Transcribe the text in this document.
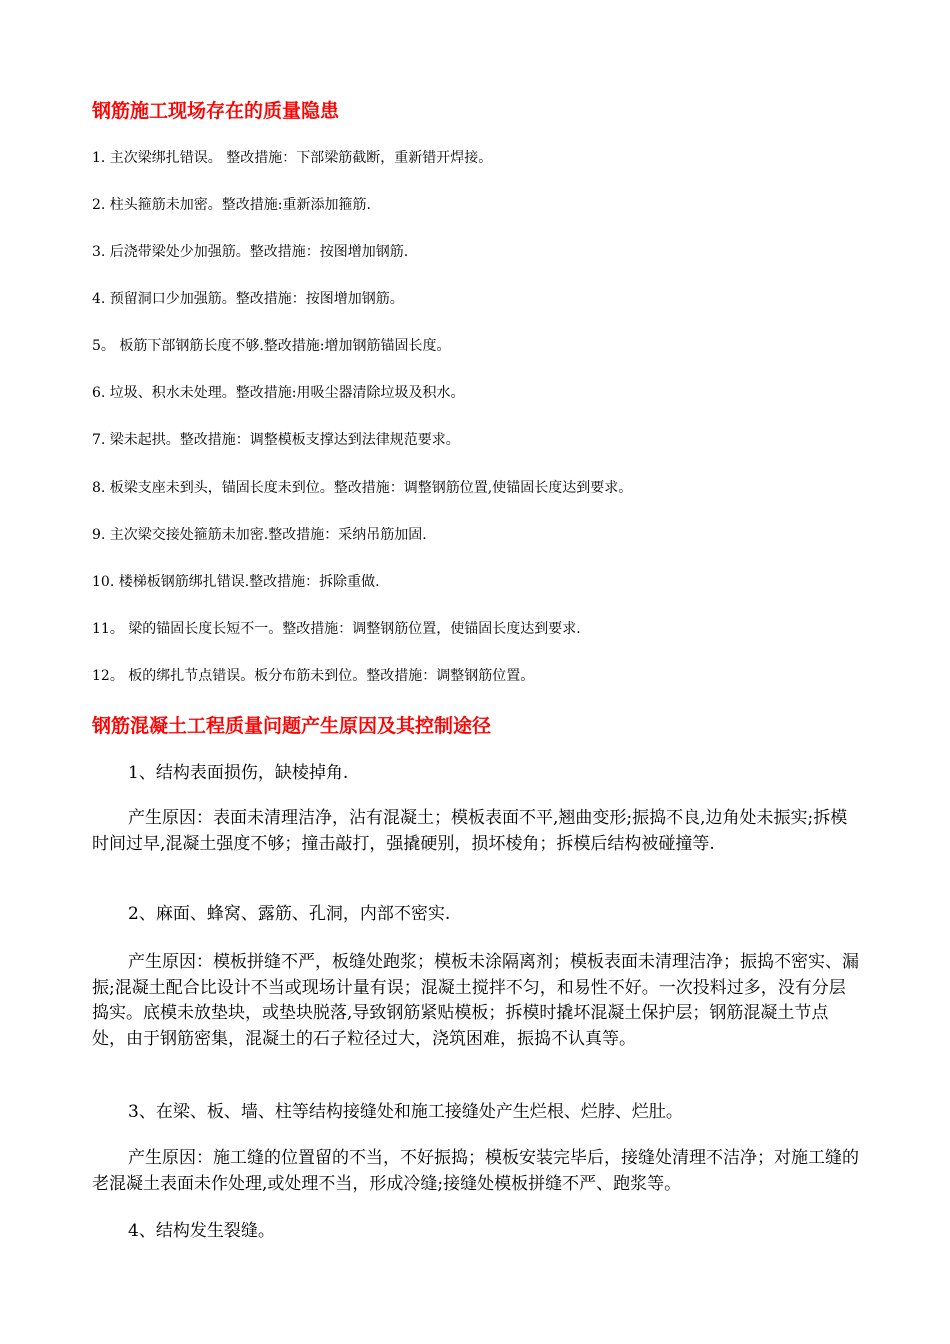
钢筋施工现场存在的质量隐患
1. 主次梁绑扎错误。 整改措施：下部梁筋截断，重新错开焊接。
2. 柱头箍筋未加密。整改措施:重新添加箍筋.
3. 后浇带梁处少加强筋。整改措施：按图增加钢筋.
4. 预留洞口少加强筋。整改措施：按图增加钢筋。
5。 板筋下部钢筋长度不够.整改措施:增加钢筋锚固长度。
6. 垃圾、积水未处理。整改措施:用吸尘器清除垃圾及积水。
7. 梁未起拱。整改措施：调整模板支撑达到法律规范要求。
8. 板梁支座未到头，锚固长度未到位。整改措施：调整钢筋位置,使锚固长度达到要求。
9. 主次梁交接处箍筋未加密.整改措施：采纳吊筋加固.
10. 楼梯板钢筋绑扎错误.整改措施：拆除重做.
11。 梁的锚固长度长短不一。整改措施：调整钢筋位置，使锚固长度达到要求.
12。 板的绑扎节点错误。板分布筋未到位。整改措施：调整钢筋位置。
钢筋混凝土工程质量问题产生原因及其控制途径

1、结构表面损伤，缺棱掉角.

产生原因：表面未清理洁净，沾有混凝土；模板表面不平,翘曲变形;振捣不良,边角处未振实;拆模时间过早,混凝土强度不够；撞击敲打，强撬硬别，损坏棱角；拆模后结构被碰撞等.

2、麻面、蜂窝、露筋、孔洞，内部不密实.

产生原因：模板拼缝不严，板缝处跑浆；模板未涂隔离剂；模板表面未清理洁净；振捣不密实、漏振;混凝土配合比设计不当或现场计量有误；混凝土搅拌不匀，和易性不好。一次投料过多，没有分层捣实。底模未放垫块，或垫块脱落,导致钢筋紧贴模板；拆模时撬坏混凝土保护层；钢筋混凝土节点处，由于钢筋密集，混凝土的石子粒径过大，浇筑困难，振捣不认真等。

3、在梁、板、墙、柱等结构接缝处和施工接缝处产生烂根、烂脖、烂肚。

产生原因：施工缝的位置留的不当，不好振捣；模板安装完毕后，接缝处清理不洁净；对施工缝的老混凝土表面未作处理,或处理不当，形成冷缝;接缝处模板拼缝不严、跑浆等。

4、结构发生裂缝。
